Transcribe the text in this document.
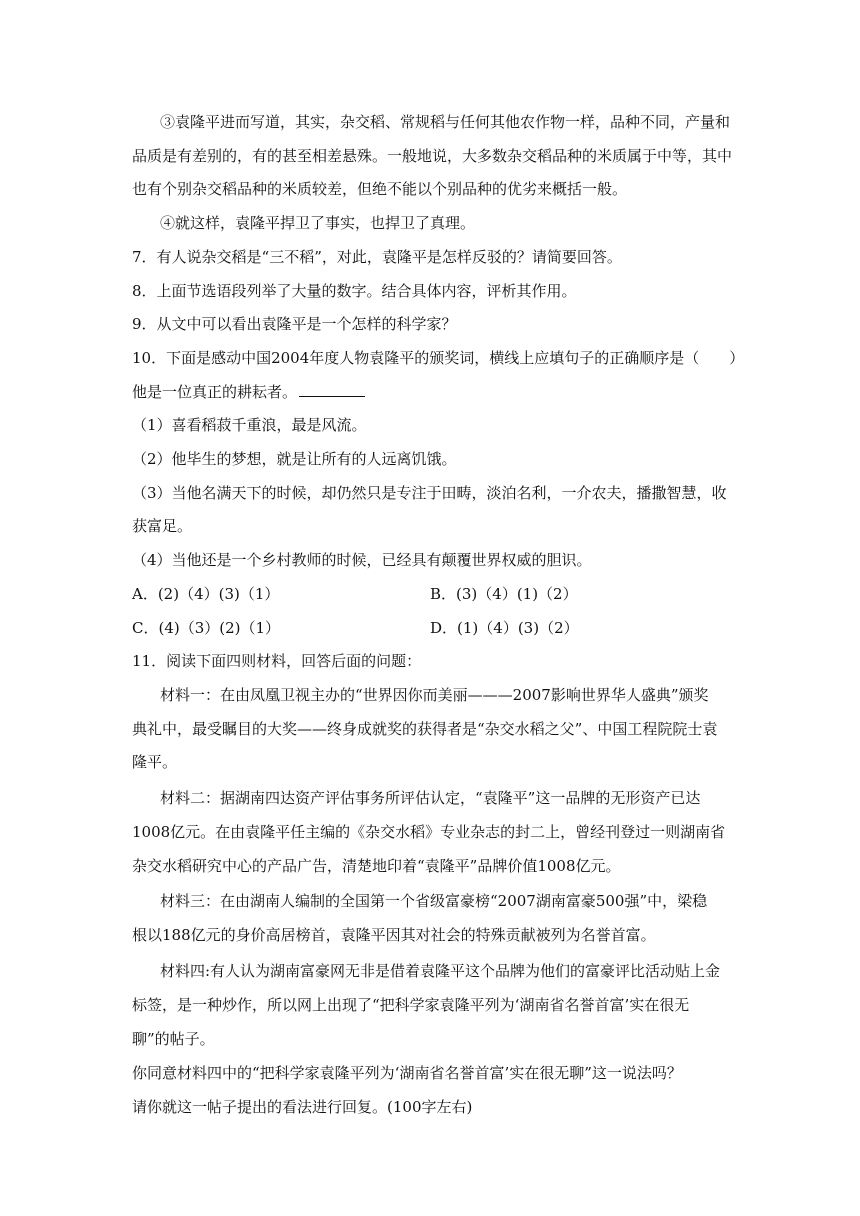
③袁隆平进而写道，其实，杂交稻、常规稻与任何其他农作物一样，品种不同，产量和
品质是有差别的，有的甚至相差悬殊。一般地说，大多数杂交稻品种的米质属于中等，其中
也有个别杂交稻品种的米质较差，但绝不能以个别品种的优劣来概括一般。
④就这样，袁隆平捍卫了事实，也捍卫了真理。
7．有人说杂交稻是“三不稻”，对此，袁隆平是怎样反驳的？请简要回答。
8．上面节选语段列举了大量的数字。结合具体内容，评析其作用。
9．从文中可以看出袁隆平是一个怎样的科学家？
10．下面是感动中国2004年度人物袁隆平的颁奖词，横线上应填句子的正确顺序是（　　）
他是一位真正的耕耘者。
（1）喜看稻菽千重浪，最是风流。
（2）他毕生的梦想，就是让所有的人远离饥饿。
（3）当他名满天下的时候，却仍然只是专注于田畴，淡泊名利，一介农夫，播撒智慧，收
获富足。
（4）当他还是一个乡村教师的时候，已经具有颠覆世界权威的胆识。
A．(2)（4）(3)（1）	B．(3)（4）(1)（2）
C．(4)（3）(2)（1）	D．(1)（4）(3)（2）
11．阅读下面四则材料，回答后面的问题：
材料一：在由凤凰卫视主办的“世界因你而美丽———2007影响世界华人盛典”颁奖
典礼中，最受瞩目的大奖——终身成就奖的获得者是“杂交水稻之父”、中国工程院院士袁
隆平。
材料二：据湖南四达资产评估事务所评估认定，“袁隆平”这一品牌的无形资产已达
1008亿元。在由袁隆平任主编的《杂交水稻》专业杂志的封二上，曾经刊登过一则湖南省
杂交水稻研究中心的产品广告，清楚地印着“袁隆平”品牌价值1008亿元。
材料三：在由湖南人编制的全国第一个省级富豪榜“2007湖南富豪500强”中，梁稳
根以188亿元的身价高居榜首，袁隆平因其对社会的特殊贡献被列为名誉首富。
材料四:有人认为湖南富豪网无非是借着袁隆平这个品牌为他们的富豪评比活动贴上金
标签，是一种炒作，所以网上出现了“把科学家袁隆平列为‘湖南省名誉首富’实在很无
聊”的帖子。
你同意材料四中的“把科学家袁隆平列为‘湖南省名誉首富’实在很无聊”这一说法吗？
请你就这一帖子提出的看法进行回复。(100字左右)
